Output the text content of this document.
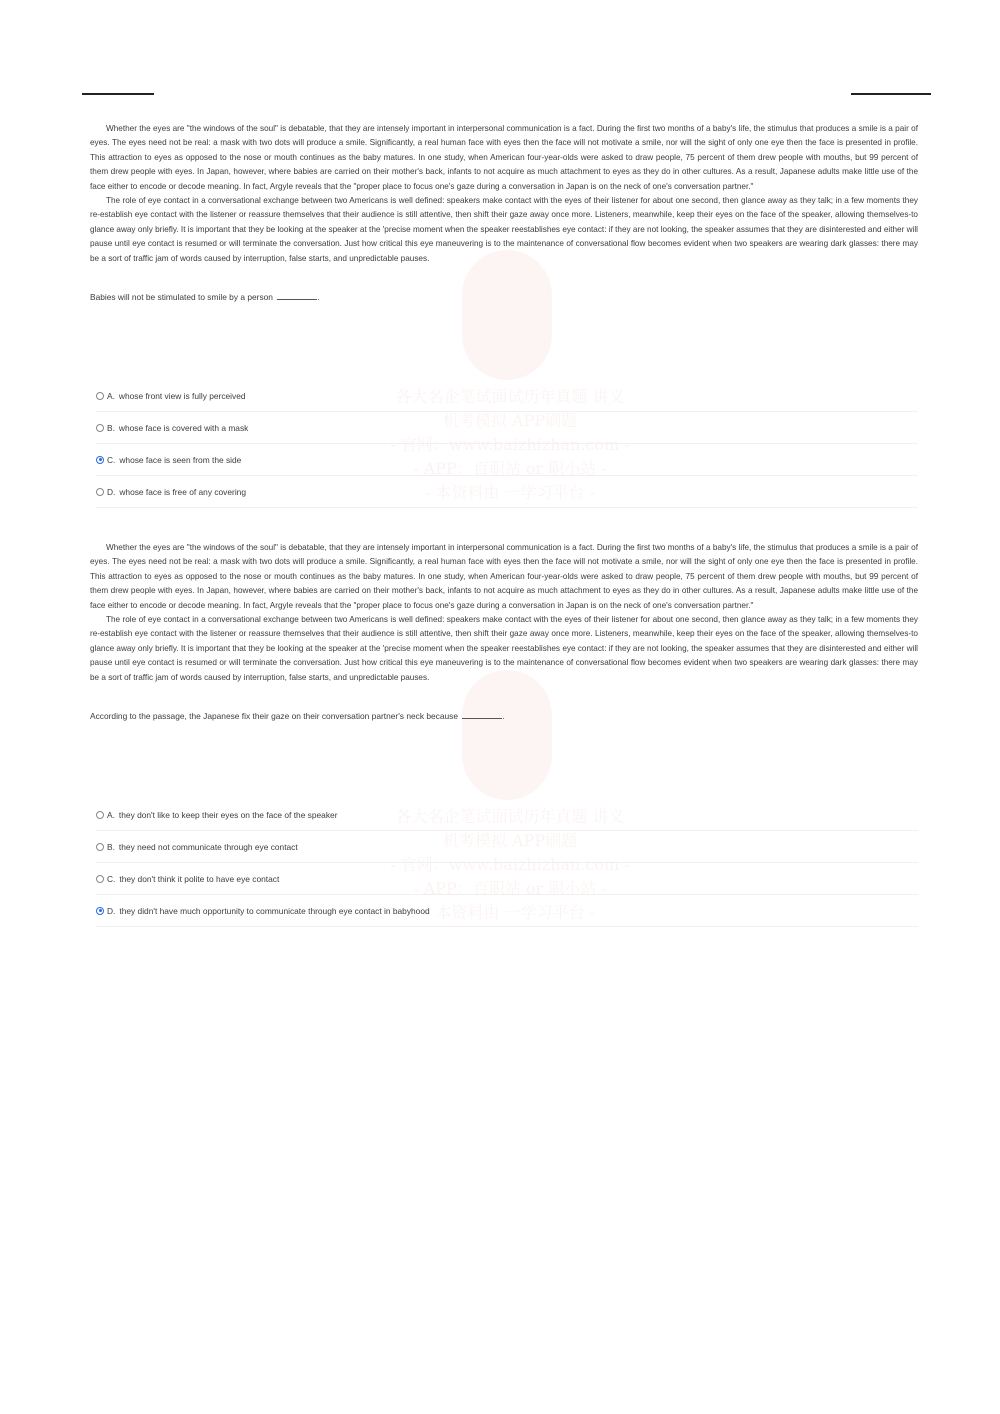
各大名企笔试面试历年真题 讲义
机考模拟 APP刷题
- 官网：www.baizhizhan.com -
- APP：百职站 or 职小站 -
- 本资料由 一学习平台 -

Whether the eyes are "the windows of the soul" is debatable, that they are intensely important in interpersonal communication is a fact. During the first two months of a baby's life, the stimulus that produces a smile is a pair of eyes. The eyes need not be real: a mask with two dots will produce a smile. Significantly, a real human face with eyes then the face will not motivate a smile, nor will the sight of only one eye then the face is presented in profile. This attraction to eyes as opposed to the nose or mouth continues as the baby matures. In one study, when American four-year-olds were asked to draw people, 75 percent of them drew people with mouths, but 99 percent of them drew people with eyes. In Japan, however, where babies are carried on their mother's back, infants to not acquire as much attachment to eyes as they do in other cultures. As a result, Japanese adults make little use of the face either to encode or decode meaning. In fact, Argyle reveals that the "proper place to focus one's gaze during a conversation in Japan is on the neck of one's conversation partner."

The role of eye contact in a conversational exchange between two Americans is well defined: speakers make contact with the eyes of their listener for about one second, then glance away as they talk; in a few moments they re-establish eye contact with the listener or reassure themselves that their audience is still attentive, then shift their gaze away once more. Listeners, meanwhile, keep their eyes on the face of the speaker, allowing themselves-to glance away only briefly. It is important that they be looking at the speaker at the 'precise moment when the speaker reestablishes eye contact: if they are not looking, the speaker assumes that they are disinterested and either will pause until eye contact is resumed or will terminate the conversation. Just how critical this eye maneuvering is to the maintenance of conversational flow becomes evident when two speakers are wearing dark glasses: there may be a sort of traffic jam of words caused by interruption, false starts, and unpredictable pauses.

Babies will not be stimulated to smile by a person	.
A. whose front view is fully perceived
B. whose face is covered with a mask
C. whose face is seen from the side
D. whose face is free of any covering
各大名企笔试面试历年真题 讲义
机考模拟 APP刷题
- 官网：www.baizhizhan.com -
- APP：百职站 or 职小站 -
- 本资料由 一学习平台 -

Whether the eyes are "the windows of the soul" is debatable, that they are intensely important in interpersonal communication is a fact. During the first two months of a baby's life, the stimulus that produces a smile is a pair of eyes. The eyes need not be real: a mask with two dots will produce a smile. Significantly, a real human face with eyes then the face will not motivate a smile, nor will the sight of only one eye then the face is presented in profile. This attraction to eyes as opposed to the nose or mouth continues as the baby matures. In one study, when American four-year-olds were asked to draw people, 75 percent of them drew people with mouths, but 99 percent of them drew people with eyes. In Japan, however, where babies are carried on their mother's back, infants to not acquire as much attachment to eyes as they do in other cultures. As a result, Japanese adults make little use of the face either to encode or decode meaning. In fact, Argyle reveals that the "proper place to focus one's gaze during a conversation in Japan is on the neck of one's conversation partner."

The role of eye contact in a conversational exchange between two Americans is well defined: speakers make contact with the eyes of their listener for about one second, then glance away as they talk; in a few moments they re-establish eye contact with the listener or reassure themselves that their audience is still attentive, then shift their gaze away once more. Listeners, meanwhile, keep their eyes on the face of the speaker, allowing themselves-to glance away only briefly. It is important that they be looking at the speaker at the 'precise moment when the speaker reestablishes eye contact: if they are not looking, the speaker assumes that they are disinterested and either will pause until eye contact is resumed or will terminate the conversation. Just how critical this eye maneuvering is to the maintenance of conversational flow becomes evident when two speakers are wearing dark glasses: there may be a sort of traffic jam of words caused by interruption, false starts, and unpredictable pauses.

According to the passage, the Japanese fix their gaze on their conversation partner's neck because	.
A. they don't like to keep their eyes on the face of the speaker
B. they need not communicate through eye contact
C. they don't think it polite to have eye contact
D. they didn't have much opportunity to communicate through eye contact in babyhood
